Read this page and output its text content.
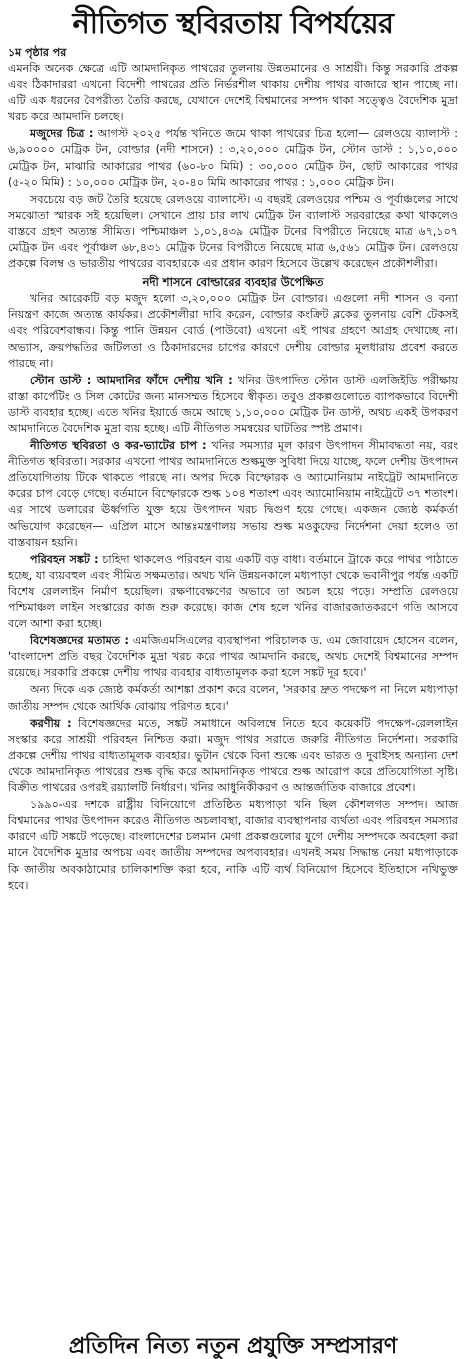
নীতিগত স্থবিরতায় বিপর্যয়ের
১ম পৃষ্ঠার পর

এমনকি অনেক ক্ষেত্রে এটি আমদানিকৃত পাথরের তুলনায় উন্নতমানের ও সাশ্রয়ী। কিন্তু সরকারি প্রকল্প এবং ঠিকাদাররা এখনো বিদেশী পাথরের প্রতি নির্ভরশীল থাকায় দেশীয় পাথর বাজারে স্থান পাচ্ছে না। এটি এক ধরনের বৈপরীত্য তৈরি করছে, যেখানে দেশেই বিশ্বমানের সম্পদ থাকা সত্ত্বেও বৈদেশিক মুদ্রা খরচ করে আমদানি চলছে।

মজুদের চিত্র : আগস্ট ২০২৫ পর্যন্ত খনিতে জমে থাকা পাথরের চিত্র হলো— রেলওয়ে ব্যালাস্ট : ৬,৯০০০০ মেট্রিক টন, বোল্ডার (নদী শাসনে) : ৩,২০,০০০ মেট্রিক টন, স্টোন ডাস্ট : ১,১০,০০০ মেট্রিক টন, মাঝারি আকারের পাথর (৬০-৮০ মিমি) : ৩০,০০০ মেট্রিক টন, ছোট আকারের পাথর (৫-২০ মিমি) : ১০,০০০ মেট্রিক টন, ২০-৪০ মিমি আকারের পাথর : ১,০০০ মেট্রিক টন।

সবচেয়ে বড় জট তৈরি হয়েছে রেলওয়ে ব্যালাস্টে। এ বছরই রেলওয়ের পশ্চিম ও পূর্বাঞ্চলের সাথে সমঝোতা স্মারক সই হয়েছিল। সেখানে প্রায় চার লাখ মেট্রিক টন ব্যালাস্ট সরবরাহের কথা থাকলেও বাস্তবে গ্রহণ অত্যন্ত সীমিত। পশ্চিমাঞ্চল ১,০১,৪৩৯ মেট্রিক টনের বিপরীতে নিয়েছে মাত্র ৬৭,১০৭ মেট্রিক টন এবং পূর্বাঞ্চল ৬৮,৪৩১ মেট্রিক টনের বিপরীতে নিয়েছে মাত্র ৬,৫৬১ মেট্রিক টন। রেলওয়ে প্রকল্পে বিলম্ব ও ভারতীয় পাথরের ব্যবহারকে এর প্রধান কারণ হিসেবে উল্লেখ করেছেন প্রকৌশলীরা।

নদী শাসনে বোল্ডারের ব্যবহার উপেক্ষিত

খনির আরেকটি বড় মজুদ হলো ৩,২০,০০০ মেট্রিক টন বোল্ডার। এগুলো নদী শাসন ও বন্যা নিয়ন্ত্রণ কাজে অত্যন্ত কার্যকর। প্রকৌশলীরা দাবি করেন, বোল্ডার কংক্রিট ব্লকের তুলনায় বেশি টেকসই এবং পরিবেশবান্ধব। কিন্তু পানি উন্নয়ন বোর্ড (পাউবো) এখনো এই পাথর গ্রহণে আগ্রহ দেখাচ্ছে না। অভ্যাস, ক্রয়পদ্ধতির জটিলতা ও ঠিকাদারদের চাপের কারণে দেশীয় বোল্ডার মূলধারায় প্রবেশ করতে পারছে না।

স্টোন ডাস্ট : আমদানির ফাঁদে দেশীয় খনি : খনির উৎপাদিত স্টোন ডাস্ট এলজিইডি পরীক্ষায় রাস্তা কার্পেটিং ও সিল কোটের জন্য মানসম্মত হিসেবে স্বীকৃত। তবুও প্রকল্পগুলোতে ব্যাপকভাবে বিদেশী ডাস্ট ব্যবহার হচ্ছে। এতে খনির ইয়ার্ডে জমে আছে ১,১০,০০০ মেট্রিক টন ডাস্ট, অথচ একই উপকরণ আমদানিতে বৈদেশিক মুদ্রা ব্যয় হচ্ছে। এটি নীতিগত সমন্বয়ের ঘাটতির স্পষ্ট প্রমাণ।

নীতিগত স্থবিরতা ও কর-ভ্যাটের চাপ : খনির সমস্যার মূল কারণ উৎপাদন সীমাবদ্ধতা নয়, বরং নীতিগত স্থবিরতা। সরকার এখনো পাথর আমদানিতে শুল্কমুক্ত সুবিধা দিয়ে যাচ্ছে, ফলে দেশীয় উৎপাদন প্রতিযোগিতায় টিকে থাকতে পারছে না। অপর দিকে বিস্ফোরক ও অ্যামোনিয়াম নাইট্রেট আমদানিতে করের চাপ বেড়ে গেছে। বর্তমানে বিস্ফোরকে শুল্ক ১০৪ শতাংশ এবং অ্যামোনিয়াম নাইট্রেটে ৩৭ শতাংশ। এর সাথে ডলারের ঊর্ধ্বগতি যুক্ত হয়ে উৎপাদন খরচ দ্বিগুণ হয়ে গেছে। একজন জ্যেষ্ঠ কর্মকর্তা অভিযোগ করেছেন— এপ্রিল মাসে আন্তঃমন্ত্রণালয় সভায় শুল্ক মওকুফের নির্দেশনা দেয়া হলেও তা বাস্তবায়ন হয়নি।

পরিবহন সঙ্কট : চাহিদা থাকলেও পরিবহন ব্যয় একটি বড় বাধা। বর্তমানে ট্রাকে করে পাথর পাঠাতে হচ্ছে, যা ব্যয়বহুল এবং সীমিত সক্ষমতার। অথচ খনি উন্নয়নকালে মধ্যপাড়া থেকে ভবানীপুর পর্যন্ত একটি বিশেষ রেললাইন নির্মাণ হয়েছিল। রক্ষণাবেক্ষণের অভাবে তা অচল হয়ে পড়ে। সম্প্রতি রেলওয়ে পশ্চিমাঞ্চল লাইন সংস্কারের কাজ শুরু করেছে। কাজ শেষ হলে খনির বাজারজাতকরণে গতি আসবে বলে আশা করা হচ্ছে।

বিশেষজ্ঞদের মতামত : এমজিএমসিএলের ব্যবস্থাপনা পরিচালক ড. এম জোবায়েদ হোসেন বলেন, 'বাংলাদেশ প্রতি বছর বৈদেশিক মুদ্রা খরচ করে পাথর আমদানি করছে, অথচ দেশেই বিশ্বমানের সম্পদ রয়েছে। সরকারি প্রকল্পে দেশীয় পাথর ব্যবহার বাধ্যতামূলক করা হলে সঙ্কট দূর হবে।'

অন্য দিকে এক জ্যেষ্ঠ কর্মকর্তা আশঙ্কা প্রকাশ করে বলেন, 'সরকার দ্রুত পদক্ষেপ না নিলে মধ্যপাড়া জাতীয় সম্পদ থেকে আর্থিক বোঝায় পরিণত হবে।'

করণীয় : বিশেষজ্ঞদের মতে, সঙ্কট সমাধানে অবিলম্বে নিতে হবে কয়েকটি পদক্ষেপ-রেললাইন সংস্কার করে সাশ্রয়ী পরিবহন নিশ্চিত করা। মজুদ পাথর সরাতে জরুরি নীতিগত নির্দেশনা। সরকারি প্রকল্পে দেশীয় পাথর বাধ্যতামূলক ব্যবহার। ভুটান থেকে বিনা শুল্কে এবং ভারত ও দুবাইসহ অন্যান্য দেশ থেকে আমদানিকৃত পাথরের শুল্ক বৃদ্ধি করে আমদানিকৃত পাথরে শুল্ক আরোপ করে প্রতিযোগিতা সৃষ্টি। বিক্রীত পাথরের ওপরই রয়্যালটি নির্ধারণ। খনির আধুনিকীকরণ ও আন্তর্জাতিক বাজারে প্রবেশ।

১৯৯০-এর দশকে রাষ্ট্রীয় বিনিয়োগে প্রতিষ্ঠিত মধ্যপাড়া খনি ছিল কৌশলগত সম্পদ। আজ বিশ্বমানের পাথর উৎপাদন করেও নীতিগত অচলাবস্থা, বাজার ব্যবস্থাপনার ব্যর্থতা এবং পরিবহন সমস্যার কারণে এটি সঙ্কটে পড়েছে। বাংলাদেশের চলমান মেগা প্রকল্পগুলোর যুগে দেশীয় সম্পদকে অবহেলা করা মানে বৈদেশিক মুদ্রার অপচয় এবং জাতীয় সম্পদের অপব্যবহার। এখনই সময় সিদ্ধান্ত নেয়া মধ্যপাড়াকে কি জাতীয় অবকাঠামোর চালিকাশক্তি করা হবে, নাকি এটি ব্যর্থ বিনিয়োগ হিসেবে ইতিহাসে নথিভুক্ত হবে।

প্রতিদিন নিত্য নতুন প্রযুক্তি সম্প্রসারণ
